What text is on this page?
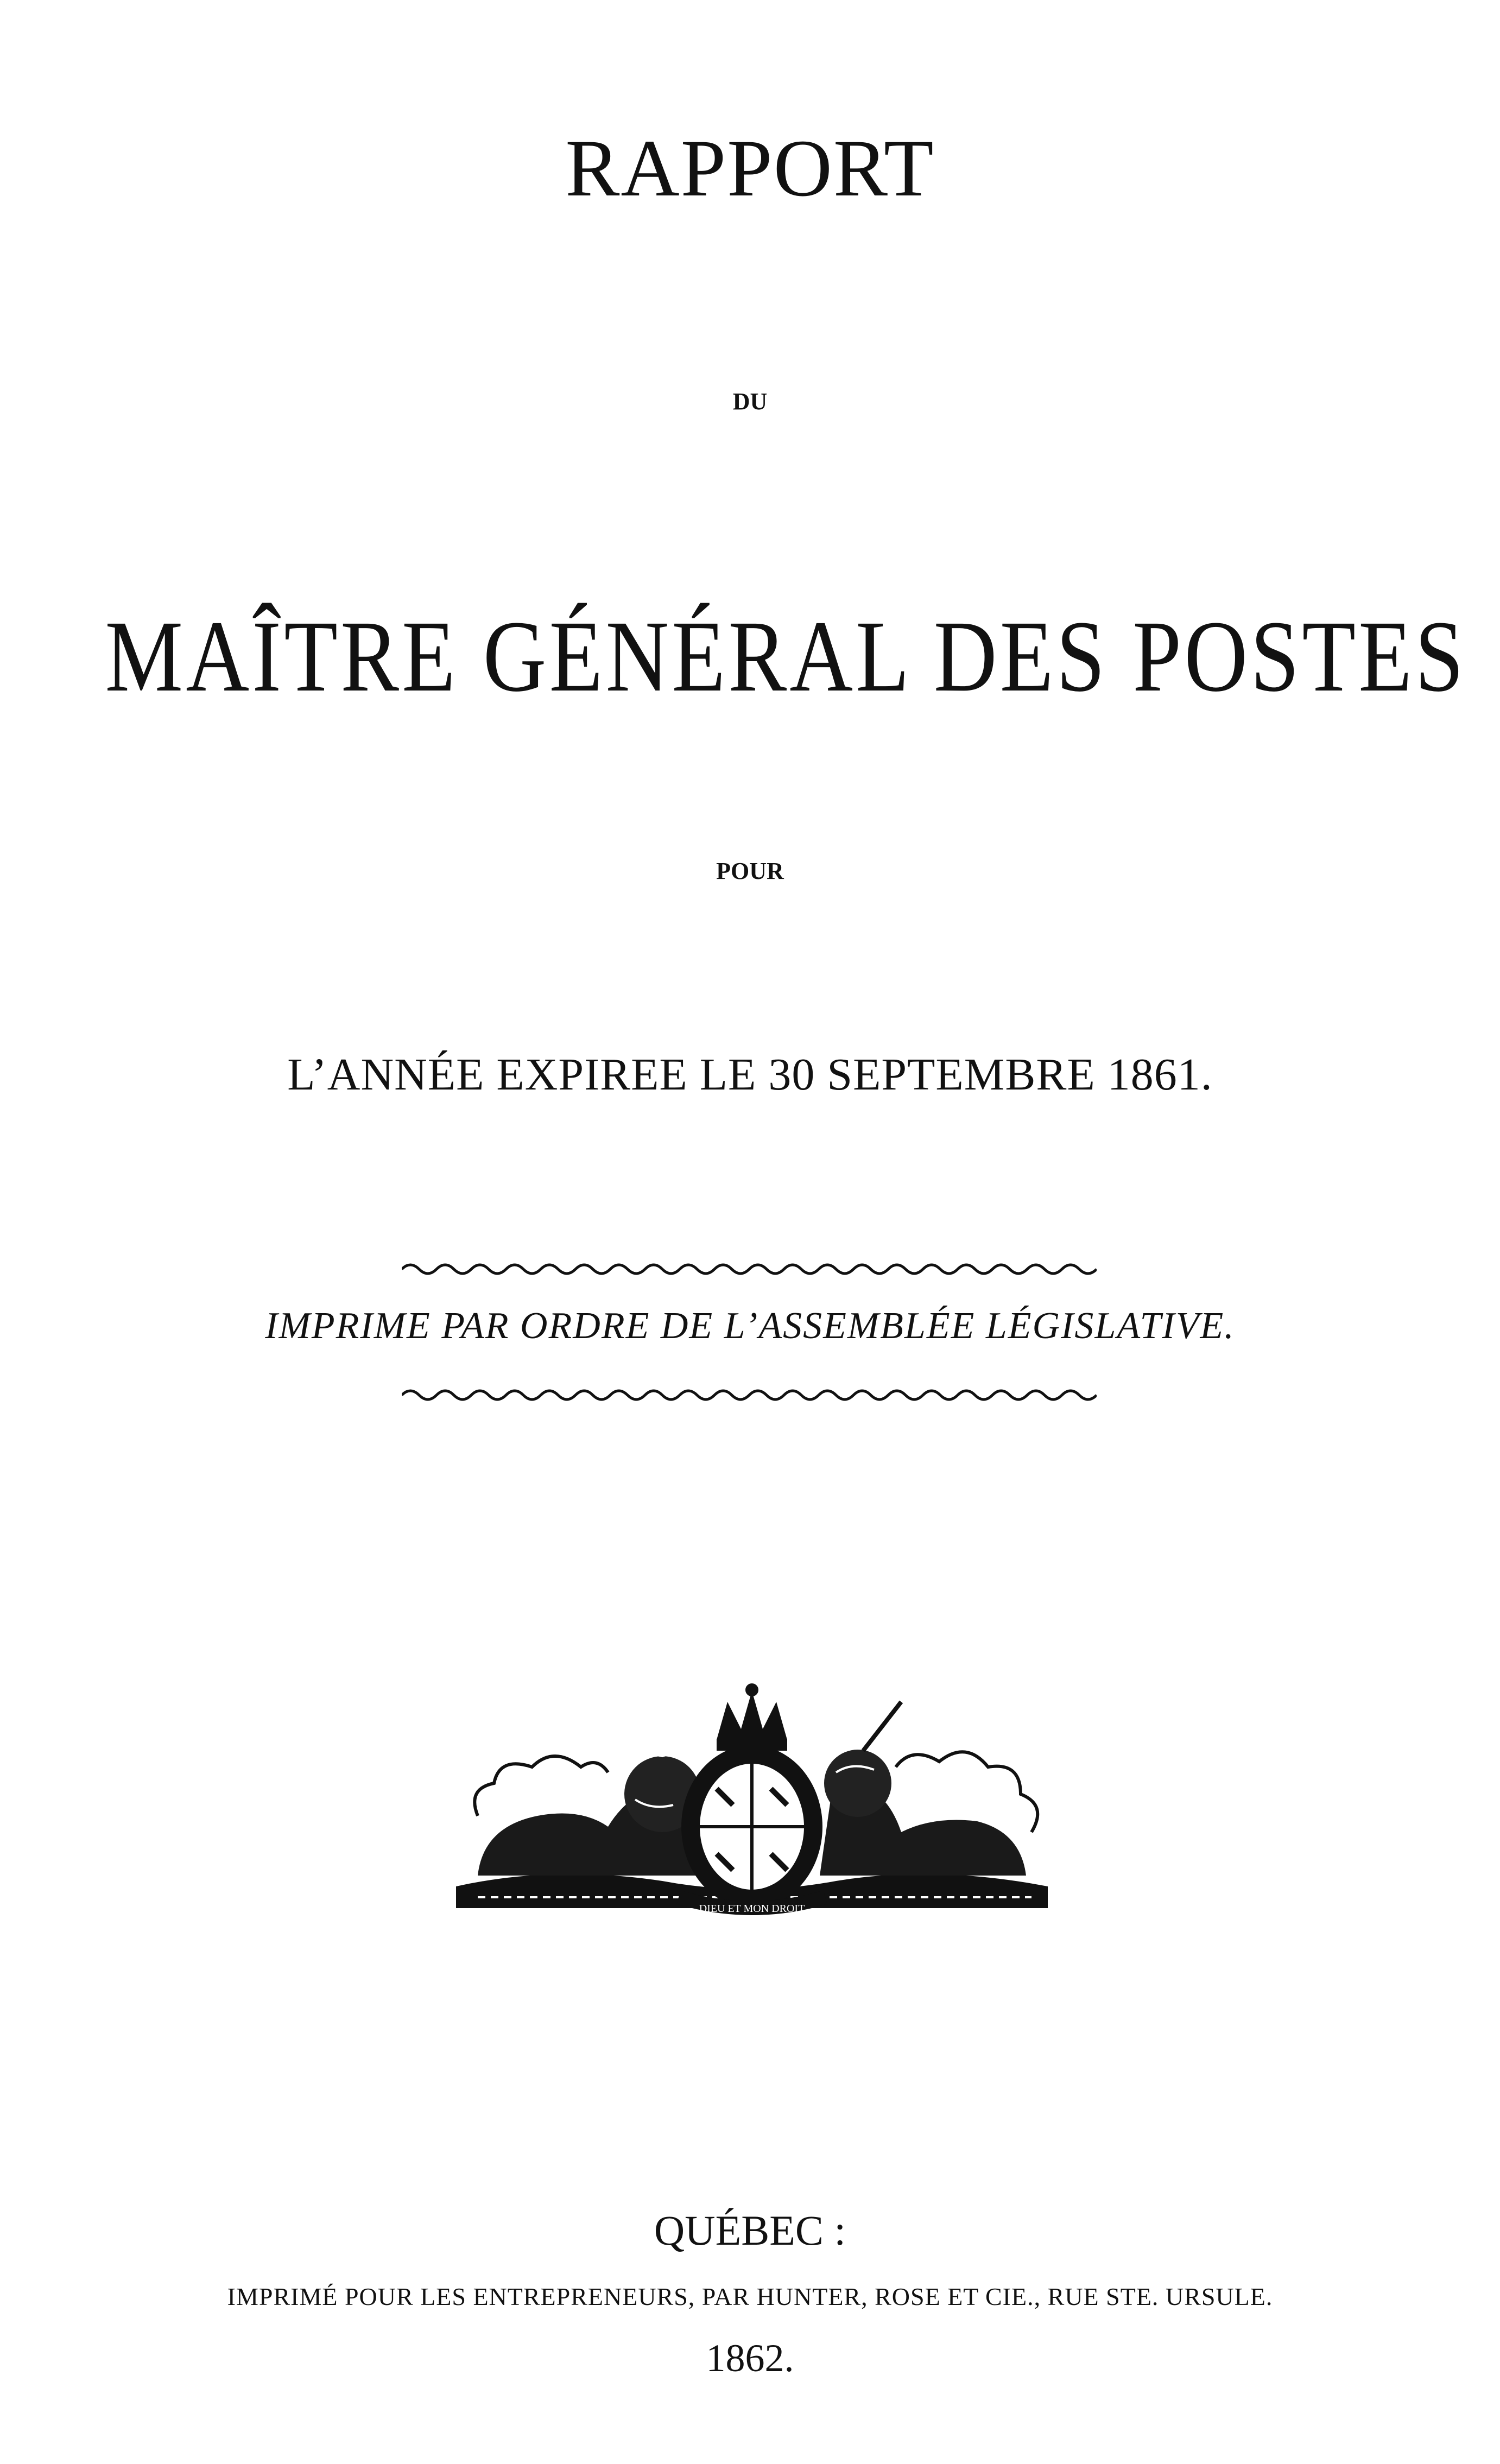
RAPPORT
DU
MAÎTRE GÉNÉRAL DES POSTES
POUR
L’ANNÉE EXPIREE LE 30 SEPTEMBRE 1861.
IMPRIME PAR ORDRE DE L’ASSEMBLÉE LÉGISLATIVE.
DIEU ET MON DROIT
QUÉBEC :
IMPRIMÉ POUR LES ENTREPRENEURS, PAR HUNTER, ROSE ET CIE., RUE STE. URSULE.
1862.
